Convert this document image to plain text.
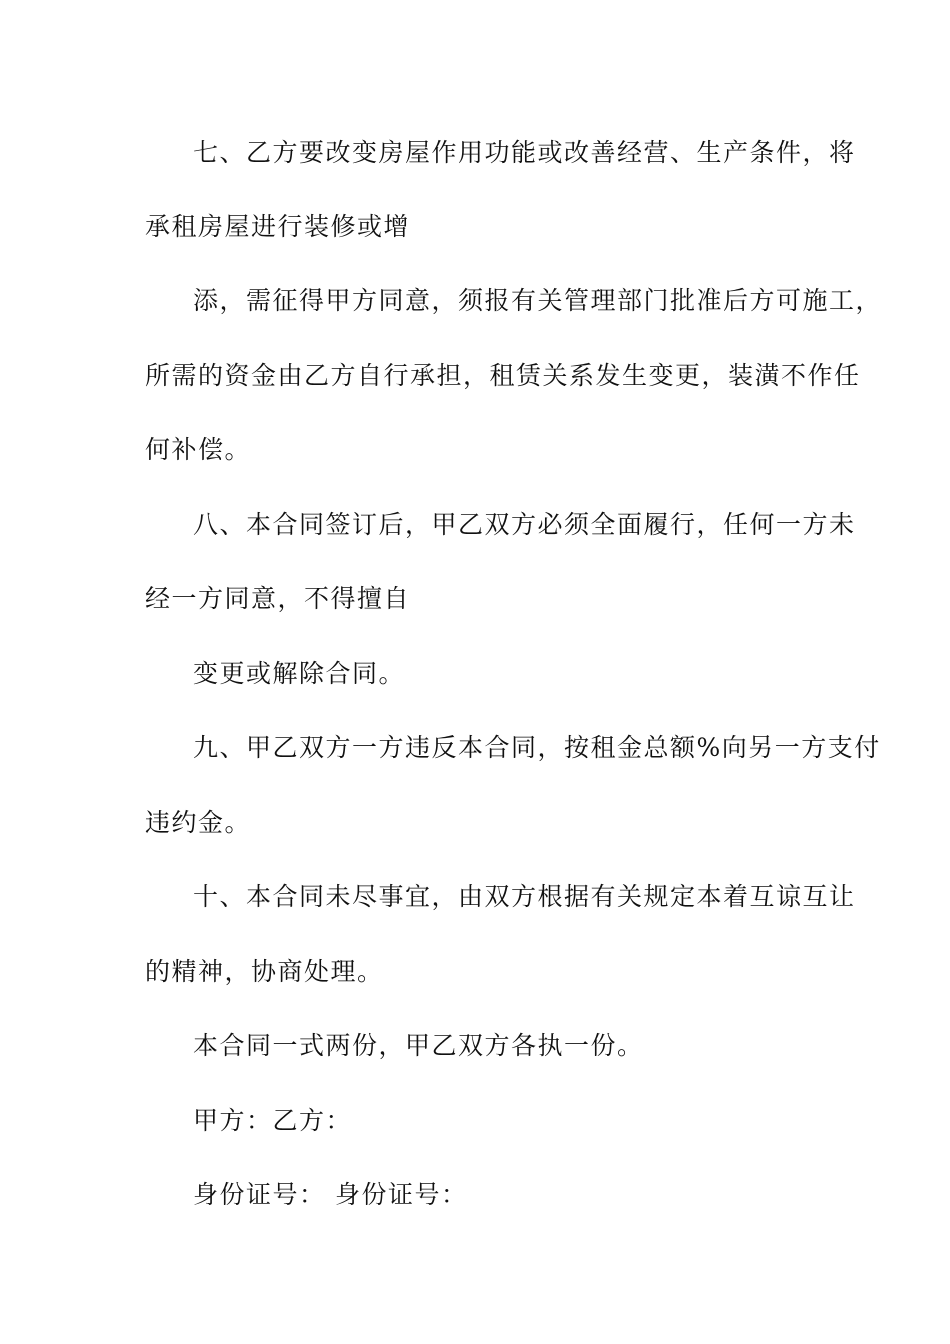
七、乙方要改变房屋作用功能或改善经营、生产条件，将
承租房屋进行装修或增
添，需征得甲方同意，须报有关管理部门批准后方可施工，
所需的资金由乙方自行承担，租赁关系发生变更，装潢不作任
何补偿。
八、本合同签订后，甲乙双方必须全面履行，任何一方未
经一方同意，不得擅自
变更或解除合同。
九、甲乙双方一方违反本合同，按租金总额%向另一方支付
违约金。
十、本合同未尽事宜，由双方根据有关规定本着互谅互让
的精神，协商处理。
本合同一式两份，甲乙双方各执一份。
甲方：乙方：
身份证号： 身份证号：
